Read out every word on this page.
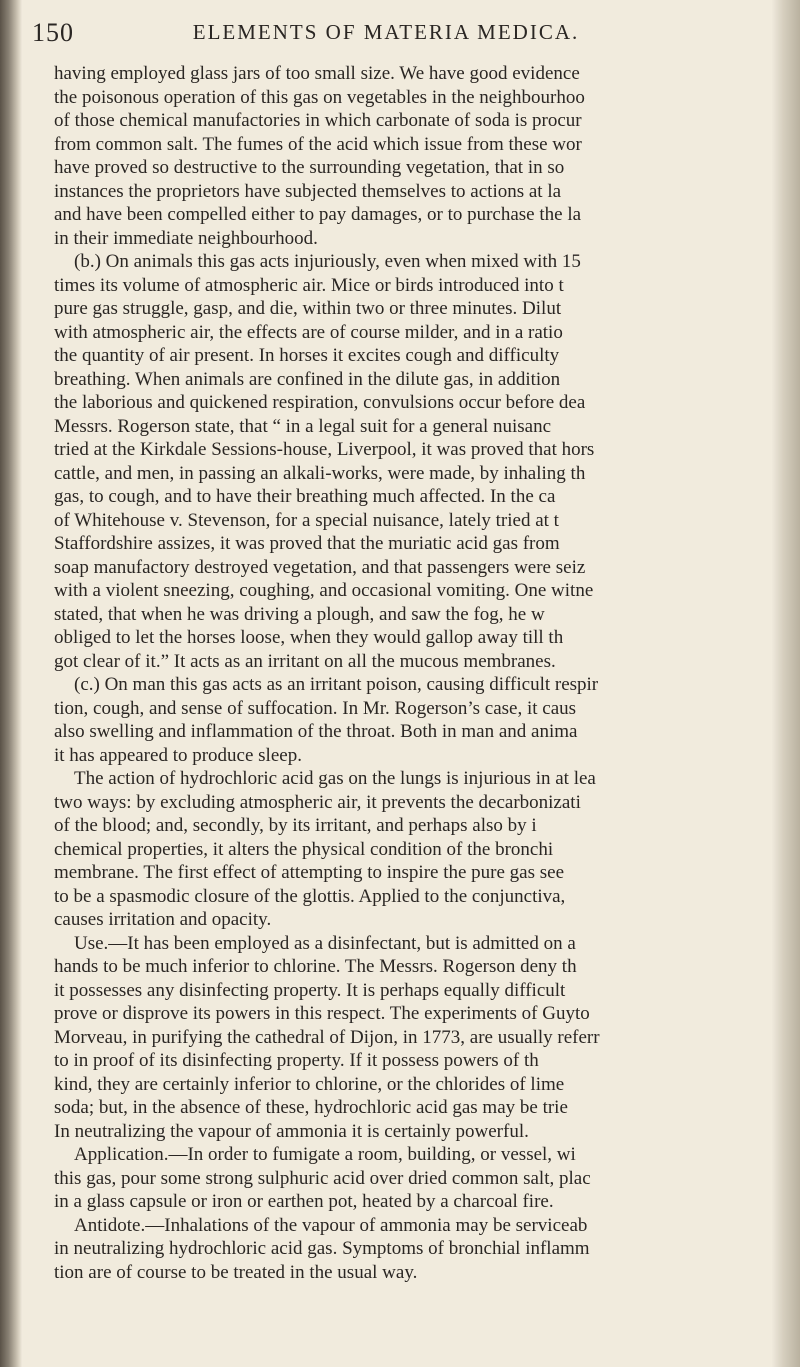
150	ELEMENTS OF MATERIA MEDICA.
having employed glass jars of too small size. We have good evidence
the poisonous operation of this gas on vegetables in the neighbourhoo
of those chemical manufactories in which carbonate of soda is procur
from common salt. The fumes of the acid which issue from these wor
have proved so destructive to the surrounding vegetation, that in so
instances the proprietors have subjected themselves to actions at la
and have been compelled either to pay damages, or to purchase the la
in their immediate neighbourhood.
(b.) On animals this gas acts injuriously, even when mixed with 15
times its volume of atmospheric air. Mice or birds introduced into t
pure gas struggle, gasp, and die, within two or three minutes. Dilut
with atmospheric air, the effects are of course milder, and in a ratio
the quantity of air present. In horses it excites cough and difficulty
breathing. When animals are confined in the dilute gas, in addition
the laborious and quickened respiration, convulsions occur before dea
Messrs. Rogerson state, that “ in a legal suit for a general nuisanc
tried at the Kirkdale Sessions-house, Liverpool, it was proved that hors
cattle, and men, in passing an alkali-works, were made, by inhaling th
gas, to cough, and to have their breathing much affected. In the ca
of Whitehouse v. Stevenson, for a special nuisance, lately tried at t
Staffordshire assizes, it was proved that the muriatic acid gas from
soap manufactory destroyed vegetation, and that passengers were seiz
with a violent sneezing, coughing, and occasional vomiting. One witne
stated, that when he was driving a plough, and saw the fog, he w
obliged to let the horses loose, when they would gallop away till th
got clear of it.” It acts as an irritant on all the mucous membranes.
(c.) On man this gas acts as an irritant poison, causing difficult respir
tion, cough, and sense of suffocation. In Mr. Rogerson’s case, it caus
also swelling and inflammation of the throat. Both in man and anima
it has appeared to produce sleep.
The action of hydrochloric acid gas on the lungs is injurious in at lea
two ways: by excluding atmospheric air, it prevents the decarbonizati
of the blood; and, secondly, by its irritant, and perhaps also by i
chemical properties, it alters the physical condition of the bronchi
membrane. The first effect of attempting to inspire the pure gas see
to be a spasmodic closure of the glottis. Applied to the conjunctiva,
causes irritation and opacity.
Use.—It has been employed as a disinfectant, but is admitted on a
hands to be much inferior to chlorine. The Messrs. Rogerson deny th
it possesses any disinfecting property. It is perhaps equally difficult
prove or disprove its powers in this respect. The experiments of Guyto
Morveau, in purifying the cathedral of Dijon, in 1773, are usually referr
to in proof of its disinfecting property. If it possess powers of th
kind, they are certainly inferior to chlorine, or the chlorides of lime
soda; but, in the absence of these, hydrochloric acid gas may be trie
In neutralizing the vapour of ammonia it is certainly powerful.
Application.—In order to fumigate a room, building, or vessel, wi
this gas, pour some strong sulphuric acid over dried common salt, plac
in a glass capsule or iron or earthen pot, heated by a charcoal fire.
Antidote.—Inhalations of the vapour of ammonia may be serviceab
in neutralizing hydrochloric acid gas. Symptoms of bronchial inflamm
tion are of course to be treated in the usual way.
